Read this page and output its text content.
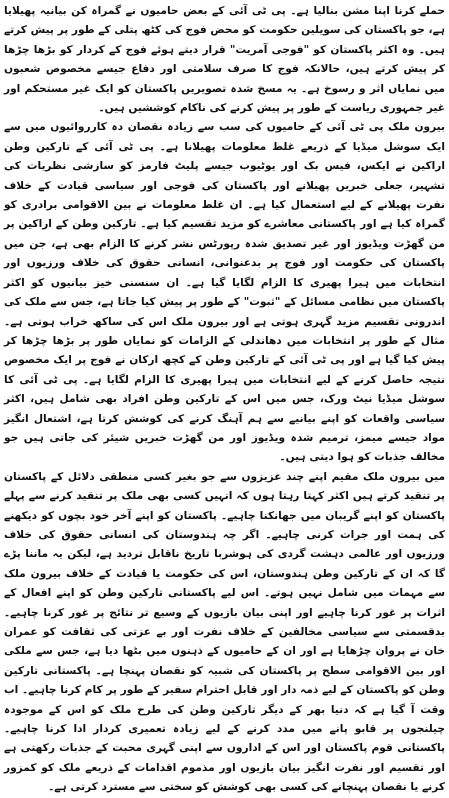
حملے کرنا اپنا مشن بنالیا ہے۔ پی ٹی آئی کے بعض حامیوں نے گمراہ کن بیانیہ پھیلایا ہے، جو پاکستان کی سویلین حکومت کو محض فوج کی کٹھ پتلی کے طور پر پیش کرتے ہیں۔ وہ اکثر پاکستان کو "فوجی آمریت" قرار دیتے ہوئے فوج کے کردار کو بڑھا چڑھا کر پیش کرتے ہیں، حالانکہ فوج کا صرف سلامتی اور دفاع جیسے مخصوص شعبوں میں نمایاں اثر و رسوخ ہے۔ یہ مسخ شدہ تصویریں پاکستان کو ایک غیر مستحکم اور غیر جمہوری ریاست کے طور پر پیش کرنے کی ناکام کوششیں ہیں۔

بیرون ملک پی ٹی آئی کے حامیوں کی سب سے زیادہ نقصان دہ کارروائیوں میں سے ایک سوشل میڈیا کے ذریعے غلط معلومات پھیلانا ہے۔ پی ٹی آئی کے تارکین وطن اراکین نے ایکس، فیس بک اور یوٹیوب جیسے پلیٹ فارمز کو سازشی نظریات کی تشہیر، جعلی خبریں پھیلانے اور پاکستان کی فوجی اور سیاسی قیادت کے خلاف نفرت پھیلانے کے لیے استعمال کیا ہے۔ ان غلط معلومات نے بین الاقوامی برادری کو گمراہ کیا ہے اور پاکستانی معاشرے کو مزید تقسیم کیا ہے۔ تارکین وطن کے اراکین پر من گھڑت ویڈیوز اور غیر تصدیق شدہ رپورٹس نشر کرنے کا الزام بھی ہے، جن میں پاکستان کی حکومت اور فوج پر بدعنوانی، انسانی حقوق کی خلاف ورزیوں اور انتخابات میں ہیرا پھیری کا الزام لگایا گیا ہے۔ ان سنسنی خیز بیانیوں کو اکثر پاکستان میں نظامی مسائل کے "ثبوت" کے طور پر پیش کیا جاتا ہے، جس سے ملک کی اندرونی تقسیم مزید گہری ہوتی ہے اور بیرون ملک اس کی ساکھ خراب ہوتی ہے۔ مثال کے طور پر انتخابات میں دھاندلی کے الزامات کو نمایاں طور پر بڑھا چڑھا کر پیش کیا گیا ہے اور پی ٹی آئی کے تارکین وطن کے کچھ ارکان نے فوج پر ایک مخصوص نتیجہ حاصل کرنے کے لیے انتخابات میں ہیرا پھیری کا الزام لگایا ہے۔ پی ٹی آئی کا سوشل میڈیا نیٹ ورک، جس میں اس کے تارکین وطن افراد بھی شامل ہیں، اکثر سیاسی واقعات کو اپنے بیانیے سے ہم آہنگ کرنے کی کوشش کرتا ہے، اشتعال انگیز مواد جیسے میمز، ترمیم شدہ ویڈیوز اور من گھڑت خبریں شیئر کی جاتی ہیں جو مخالف جذبات کو ہوا دیتی ہیں۔

میں بیرون ملک مقیم اپنے چند عزیزوں سے جو بغیر کسی منطقی دلائل کے پاکستان پر تنقید کرتے ہیں اکثر کہتا رہتا ہوں کہ انہیں کسی بھی ملک پر تنقید کرنے سے پہلے پاکستان کو اپنے گریبان میں جھانکنا چاہیے۔ پاکستان کو اپنے آخر خود بچوں کو دیکھنے کی ہمت اور جرات کرنی چاہیے۔ اگر چہ ہندوستان کی انسانی حقوق کی خلاف ورزیوں اور عالمی دہشت گردی کی ہوشربا تاریخ ناقابل تردید ہے، لیکن یہ ماننا پڑے گا کہ ان کے تارکین وطن ہندوستان، اس کی حکومت یا قیادت کے خلاف بیرون ملک سے مہمات میں شامل نہیں ہوتے۔ اس لیے پاکستانی تارکین وطن کو اپنے افعال کے اثرات پر غور کرنا چاہیے اور اپنی بیان بازیوں کے وسیع تر نتائج پر غور کرنا چاہیے۔ بدقسمتی سے سیاسی مخالفین کے خلاف نفرت اور بے عزتی کی ثقافت کو عمران خان نے پروان چڑھایا ہے اور ان کے حامیوں کے ذہنوں میں بٹھا دیا ہے، جس سے ملکی اور بین الاقوامی سطح پر پاکستان کی شبیہ کو نقصان پہنچا ہے۔ پاکستانی تارکین وطن کو پاکستان کے لیے ذمہ دار اور قابل احترام سفیر کے طور پر کام کرنا چاہیے۔ اب وقت آ گیا ہے کہ دنیا بھر کے دیگر تارکین وطن کی طرح ملک کو اس کے موجودہ چیلنجوں پر قابو پانے میں مدد کرنے کے لیے زیادہ تعمیری کردار ادا کرنا چاہیے۔ پاکستانی قوم پاکستان اور اس کے اداروں سے اپنی گہری محبت کے جذبات رکھتی ہے اور تقسیم اور نفرت انگیز بیان بازیوں اور مذموم اقدامات کے ذریعے ملک کو کمزور کرنے یا نقصان پہنچانے کی کسی بھی کوشش کو سختی سے مسترد کرتی ہے۔
